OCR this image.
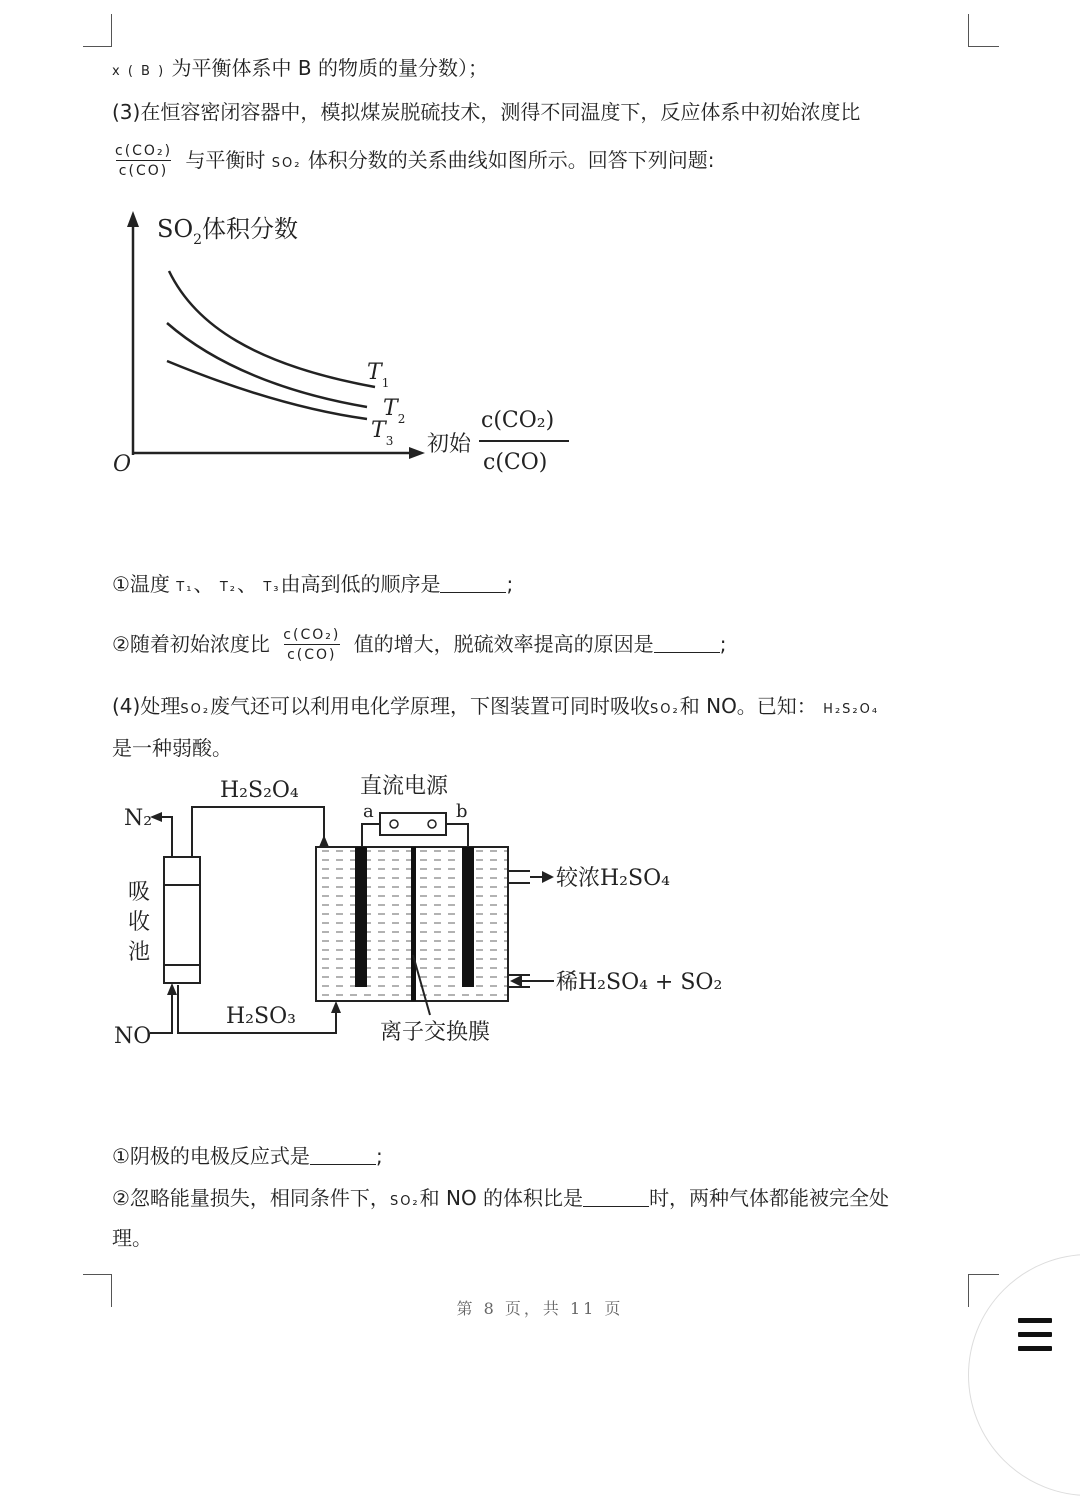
x ( B ) 为平衡体系中 B 的物质的量分数）；
(3)在恒容密闭容器中，模拟煤炭脱硫技术，测得不同温度下，反应体系中初始浓度比
$\frac{\text{c(CO₂)}}{c(CO)}$ 与平衡时 SO₂ 体积分数的关系曲线如图所示。回答下列问题:
$SO_2$体积分数
O
$T_1$
$T_2$
$T_3$ 初始
c(CO₂)
c(CO)
①温度 T₁、 T₂、 T₃由高到低的顺序是	;
②随着初始浓度比 $\frac{\text{c(CO₂)}}{c(CO)}$ 值的增大，脱硫效率提高的原因是	;
(4)处理SO₂废气还可以利用电化学原理，下图装置可同时吸收SO₂和 NO。已知： H₂S₂O₄
是一种弱酸。
H₂S₂O₄	直流电源
a	b
较浓H₂SO₄
稀H₂SO₄ + SO₂
H₂SO₃
吸
收
池
N₂
NO	离子交换膜
①阴极的电极反应式是	;
②忽略能量损失，相同条件下，SO₂和 NO 的体积比是	时，两种气体都能被完全处
理。
第 8 页，共 11 页
